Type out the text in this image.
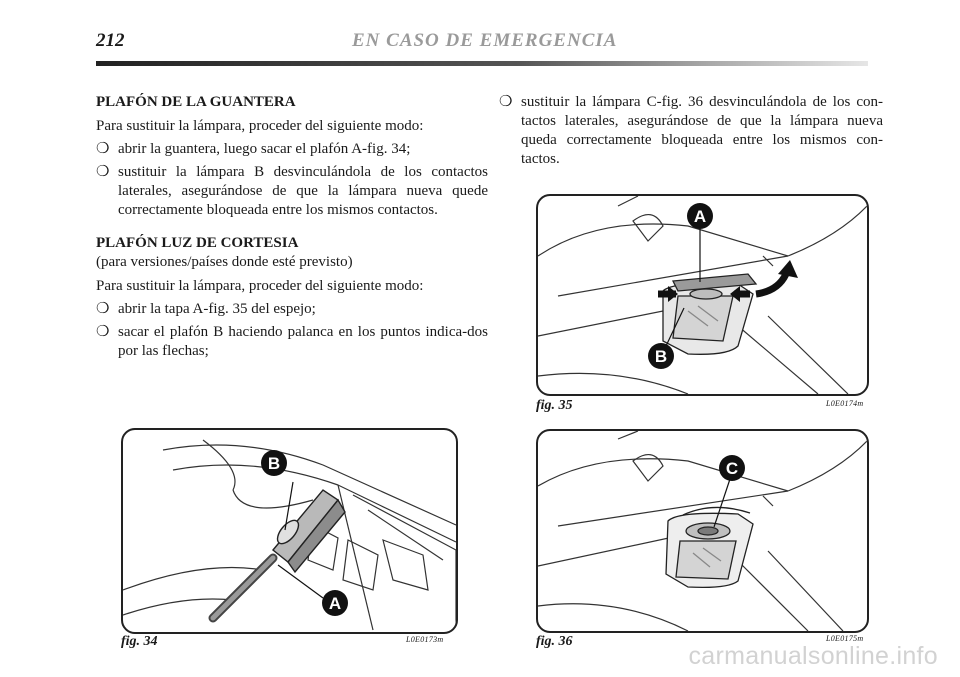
212	EN CASO DE EMERGENCIA

PLAFÓN DE LA GUANTERA

Para sustituir la lámpara, proceder del siguiente modo:

❍ abrir la guantera, luego sacar el plafón A-fig. 34;
❍ sustituir la lámpara B desvinculándola de los contactos laterales, asegurándose de que la lámpara nueva quede correctamente bloqueada entre los mismos contactos.

PLAFÓN LUZ DE CORTESIA

(para versiones/países donde esté previsto)

Para sustituir la lámpara, proceder del siguiente modo:

❍ abrir la tapa A-fig. 35 del espejo;
❍ sacar el plafón B haciendo palanca en los puntos indica-dos por las flechas;
❍ sustituir la lámpara C-fig. 36 desvinculándola de los con-tactos laterales, asegurándose de que la lámpara nueva queda correctamente bloqueada entre los mismos con-tactos.
B
A
fig. 34	L0E0173m
A
B
fig. 35	L0E0174m
C
fig. 36	L0E0175m
carmanualsonline.info
